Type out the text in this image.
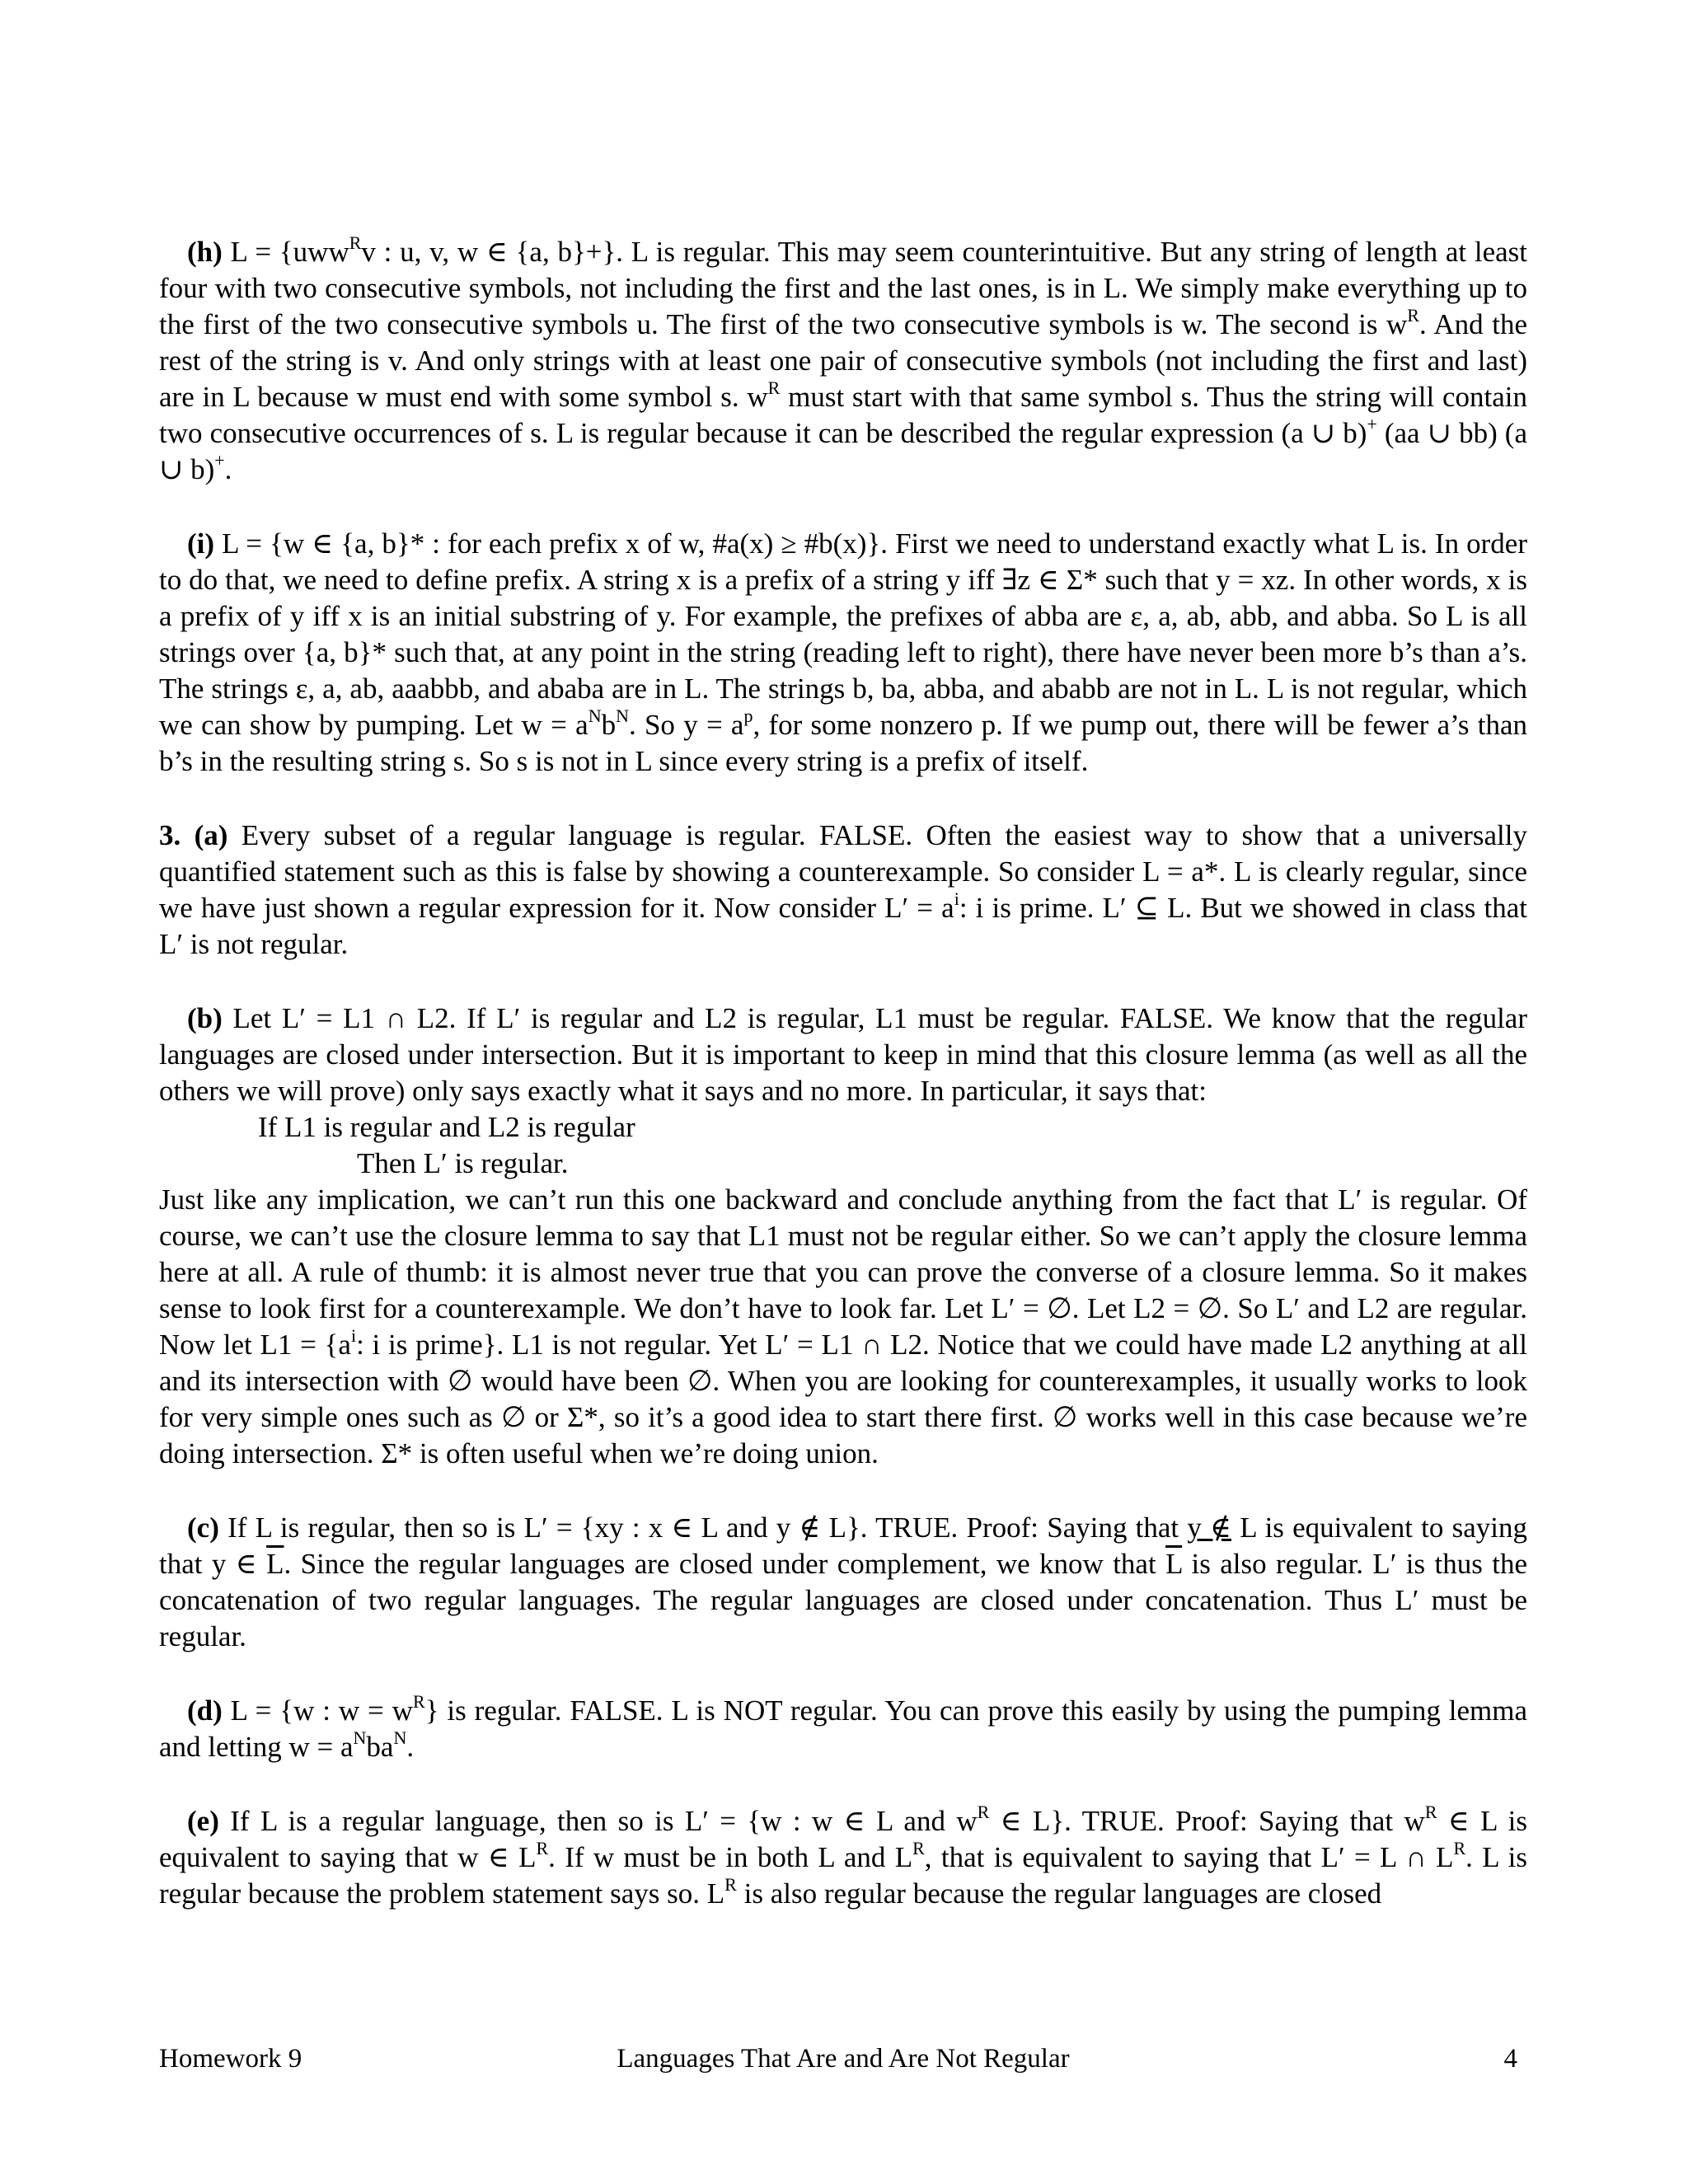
(h) L = {uww$^R$v : u, v, w ∈ {a, b}+}. L is regular. This may seem counterintuitive. But any string of length at least four with two consecutive symbols, not including the first and the last ones, is in L. We simply make everything up to the first of the two consecutive symbols u. The first of the two consecutive symbols is w. The second is $w^R$. And the rest of the string is v. And only strings with at least one pair of consecutive symbols (not including the first and last) are in L because w must end with some symbol s. $w^R$ must start with that same symbol s. Thus the string will contain two consecutive occurrences of s. L is regular because it can be described the regular expression (a ∪ b)+ (aa ∪ bb) (a ∪ b)+.

(i) L = {w ∈ {a, b}* : for each prefix x of w, #a(x) ≥ #b(x)}. First we need to understand exactly what L is. In order to do that, we need to define prefix. A string x is a prefix of a string y iff ∃z ∈ Σ* such that y = xz. In other words, x is a prefix of y iff x is an initial substring of y. For example, the prefixes of abba are ε, a, ab, abb, and abba. So L is all strings over {a, b}* such that, at any point in the string (reading left to right), there have never been more b’s than a’s. The strings ε, a, ab, aaabbb, and ababa are in L. The strings b, ba, abba, and ababb are not in L. L is not regular, which we can show by pumping. Let $w = a^Nb^N$. So $y = a^p$, for some nonzero p. If we pump out, there will be fewer a’s than b’s in the resulting string s. So s is not in L since every string is a prefix of itself.

3. (a) Every subset of a regular language is regular. FALSE. Often the easiest way to show that a universally quantified statement such as this is false by showing a counterexample. So consider L = a*. L is clearly regular, since we have just shown a regular expression for it. Now consider $L' = a^i$: i is prime. L′ ⊆ L. But we showed in class that L′ is not regular.

(b) Let L′ = L1 ∩ L2. If L′ is regular and L2 is regular, L1 must be regular. FALSE. We know that the regular languages are closed under intersection. But it is important to keep in mind that this closure lemma (as well as all the others we will prove) only says exactly what it says and no more. In particular, it says that:

If L1 is regular and L2 is regular
Then L′ is regular.

Just like any implication, we can’t run this one backward and conclude anything from the fact that L′ is regular. Of course, we can’t use the closure lemma to say that L1 must not be regular either. So we can’t apply the closure lemma here at all. A rule of thumb: it is almost never true that you can prove the converse of a closure lemma. So it makes sense to look first for a counterexample. We don’t have to look far. Let L′ = ∅. Let L2 = ∅. So L′ and L2 are regular. Now let $L1 = \{a^i$: i is prime}. L1 is not regular. Yet L′ = L1 ∩ L2. Notice that we could have made L2 anything at all and its intersection with ∅ would have been ∅. When you are looking for counterexamples, it usually works to look for very simple ones such as ∅ or Σ*, so it’s a good idea to start there first. ∅ works well in this case because we’re doing intersection. Σ* is often useful when we’re doing union.

(c) If L is regular, then so is L′ = {xy : x ∈ L and y ∉ L}. TRUE. Proof: Saying that y ∉ L is equivalent to saying that y ∈ $\overline{L}$. Since the regular languages are closed under complement, we know that $\overline{L}$ is also regular. L′ is thus the concatenation of two regular languages. The regular languages are closed under concatenation. Thus L′ must be regular.

(d) L = {w : $w = w^R$} is regular. FALSE. L is NOT regular. You can prove this easily by using the pumping lemma and letting $w = a^Nba^N$.

(e) If L is a regular language, then so is L′ = {w : w ∈ L and $w^R$ ∈ L}. TRUE. Proof: Saying that $w^R$ ∈ L is equivalent to saying that w ∈ $L^R$. If w must be in both L and $L^R$, that is equivalent to saying that L′ = L ∩ $L^R$. L is regular because the problem statement says so. $L^R$ is also regular because the regular languages are closed

Homework 9	Languages That Are and Are Not Regular	4
